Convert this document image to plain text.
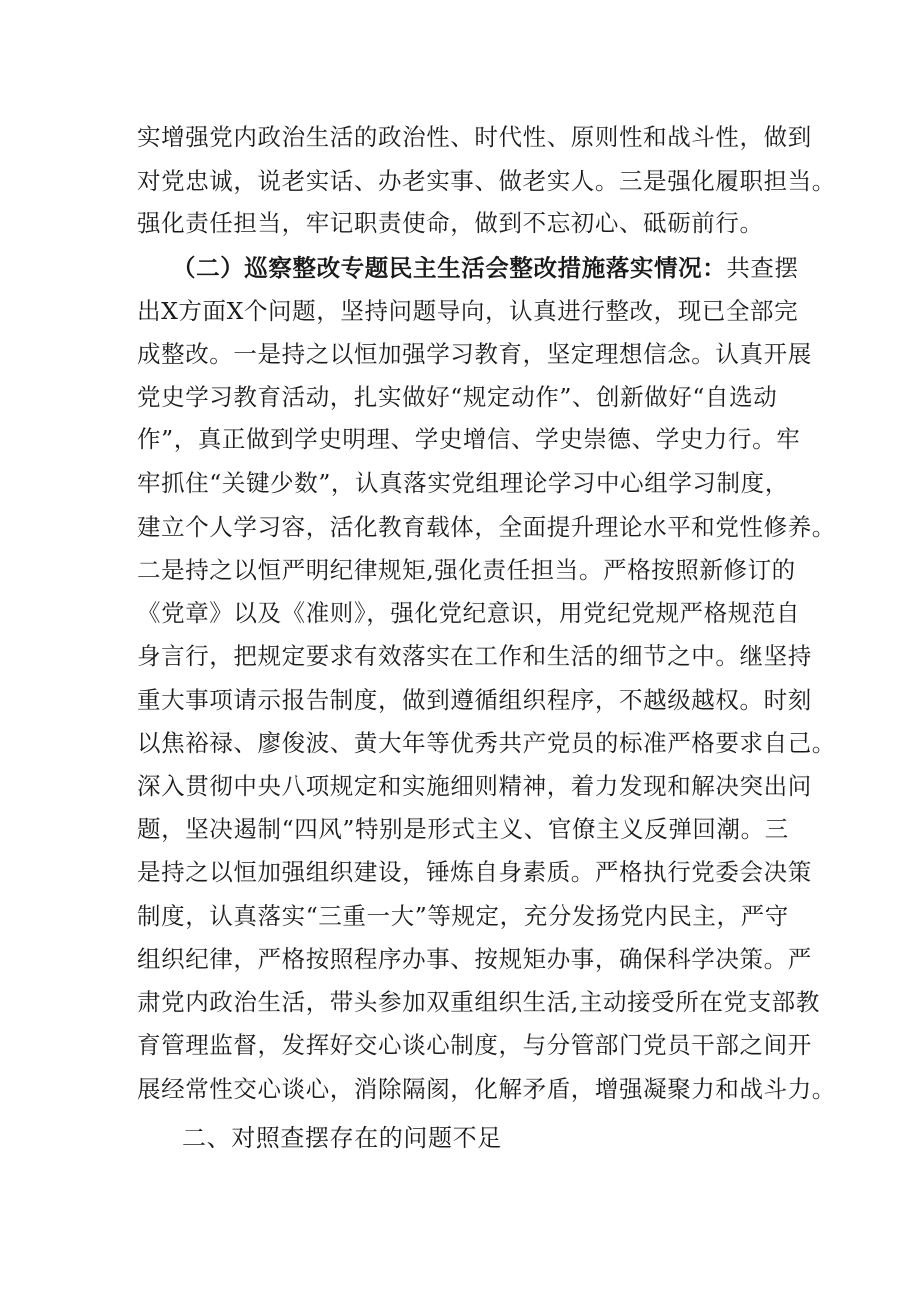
实增强党内政治生活的政治性、时代性、原则性和战斗性，做到
对党忠诚，说老实话、办老实事、做老实人。三是强化履职担当。
强化责任担当，牢记职责使命，做到不忘初心、砥砺前行。
（二）巡察整改专题民主生活会整改措施落实情况：共查摆
出X方面X个问题，坚持问题导向，认真进行整改，现已全部完
成整改。一是持之以恒加强学习教育，坚定理想信念。认真开展
党史学习教育活动，扎实做好“规定动作”、创新做好“自选动
作”，真正做到学史明理、学史增信、学史崇德、学史力行。牢
牢抓住“关键少数”，认真落实党组理论学习中心组学习制度，
建立个人学习容，活化教育载体，全面提升理论水平和党性修养。
二是持之以恒严明纪律规矩,强化责任担当。严格按照新修订的
《党章》以及《准则》，强化党纪意识，用党纪党规严格规范自
身言行，把规定要求有效落实在工作和生活的细节之中。继坚持
重大事项请示报告制度，做到遵循组织程序，不越级越权。时刻
以焦裕禄、廖俊波、黄大年等优秀共产党员的标准严格要求自己。
深入贯彻中央八项规定和实施细则精神，着力发现和解决突出问
题，坚决遏制“四风”特别是形式主义、官僚主义反弹回潮。三
是持之以恒加强组织建设，锤炼自身素质。严格执行党委会决策
制度，认真落实“三重一大”等规定，充分发扬党内民主，严守
组织纪律，严格按照程序办事、按规矩办事，确保科学决策。严
肃党内政治生活，带头参加双重组织生活,主动接受所在党支部教
育管理监督，发挥好交心谈心制度，与分管部门党员干部之间开
展经常性交心谈心，消除隔阂，化解矛盾，增强凝聚力和战斗力。
二、对照查摆存在的问题不足
